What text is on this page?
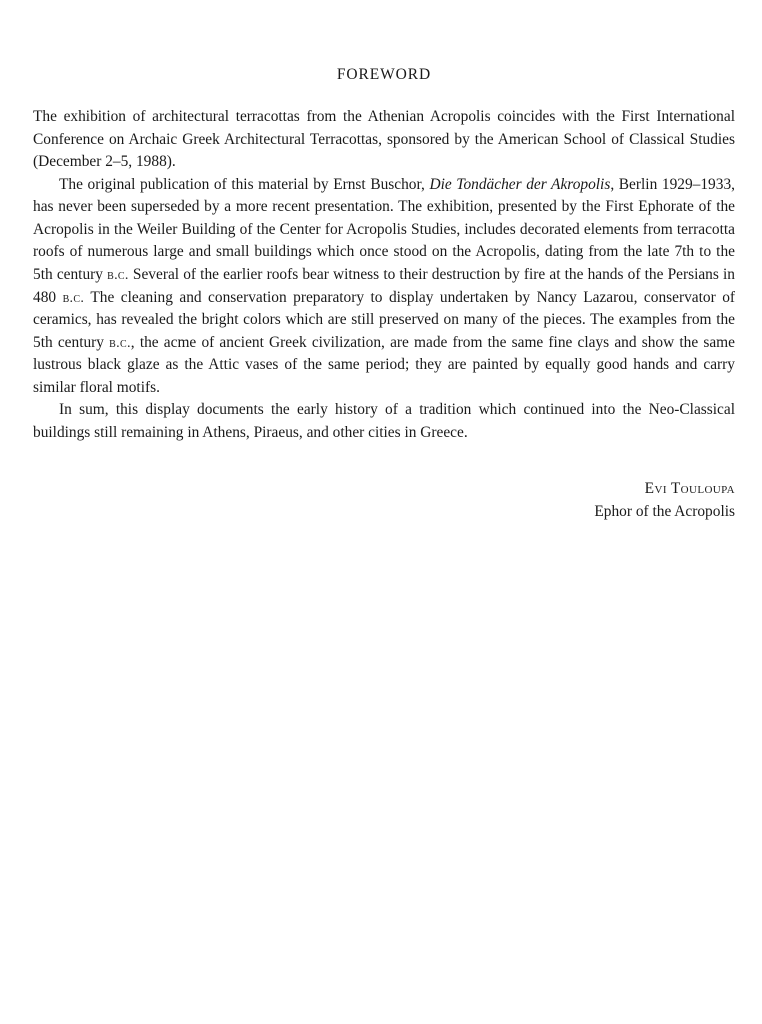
FOREWORD

The exhibition of architectural terracottas from the Athenian Acropolis coincides with the First International Conference on Archaic Greek Architectural Terracottas, sponsored by the American School of Classical Studies (December 2–5, 1988).

The original publication of this material by Ernst Buschor, Die Tondächer der Akropolis, Berlin 1929–1933, has never been superseded by a more recent presentation. The exhibition, presented by the First Ephorate of the Acropolis in the Weiler Building of the Center for Acropolis Studies, includes decorated elements from terracotta roofs of numerous large and small buildings which once stood on the Acropolis, dating from the late 7th to the 5th century b.c. Several of the earlier roofs bear witness to their destruction by fire at the hands of the Persians in 480 b.c. The cleaning and conservation preparatory to display undertaken by Nancy Lazarou, conservator of ceramics, has revealed the bright colors which are still preserved on many of the pieces. The examples from the 5th century b.c., the acme of ancient Greek civilization, are made from the same fine clays and show the same lustrous black glaze as the Attic vases of the same period; they are painted by equally good hands and carry similar floral motifs.

In sum, this display documents the early history of a tradition which continued into the Neo-Classical buildings still remaining in Athens, Piraeus, and other cities in Greece.

Evi Touloupa
Ephor of the Acropolis
